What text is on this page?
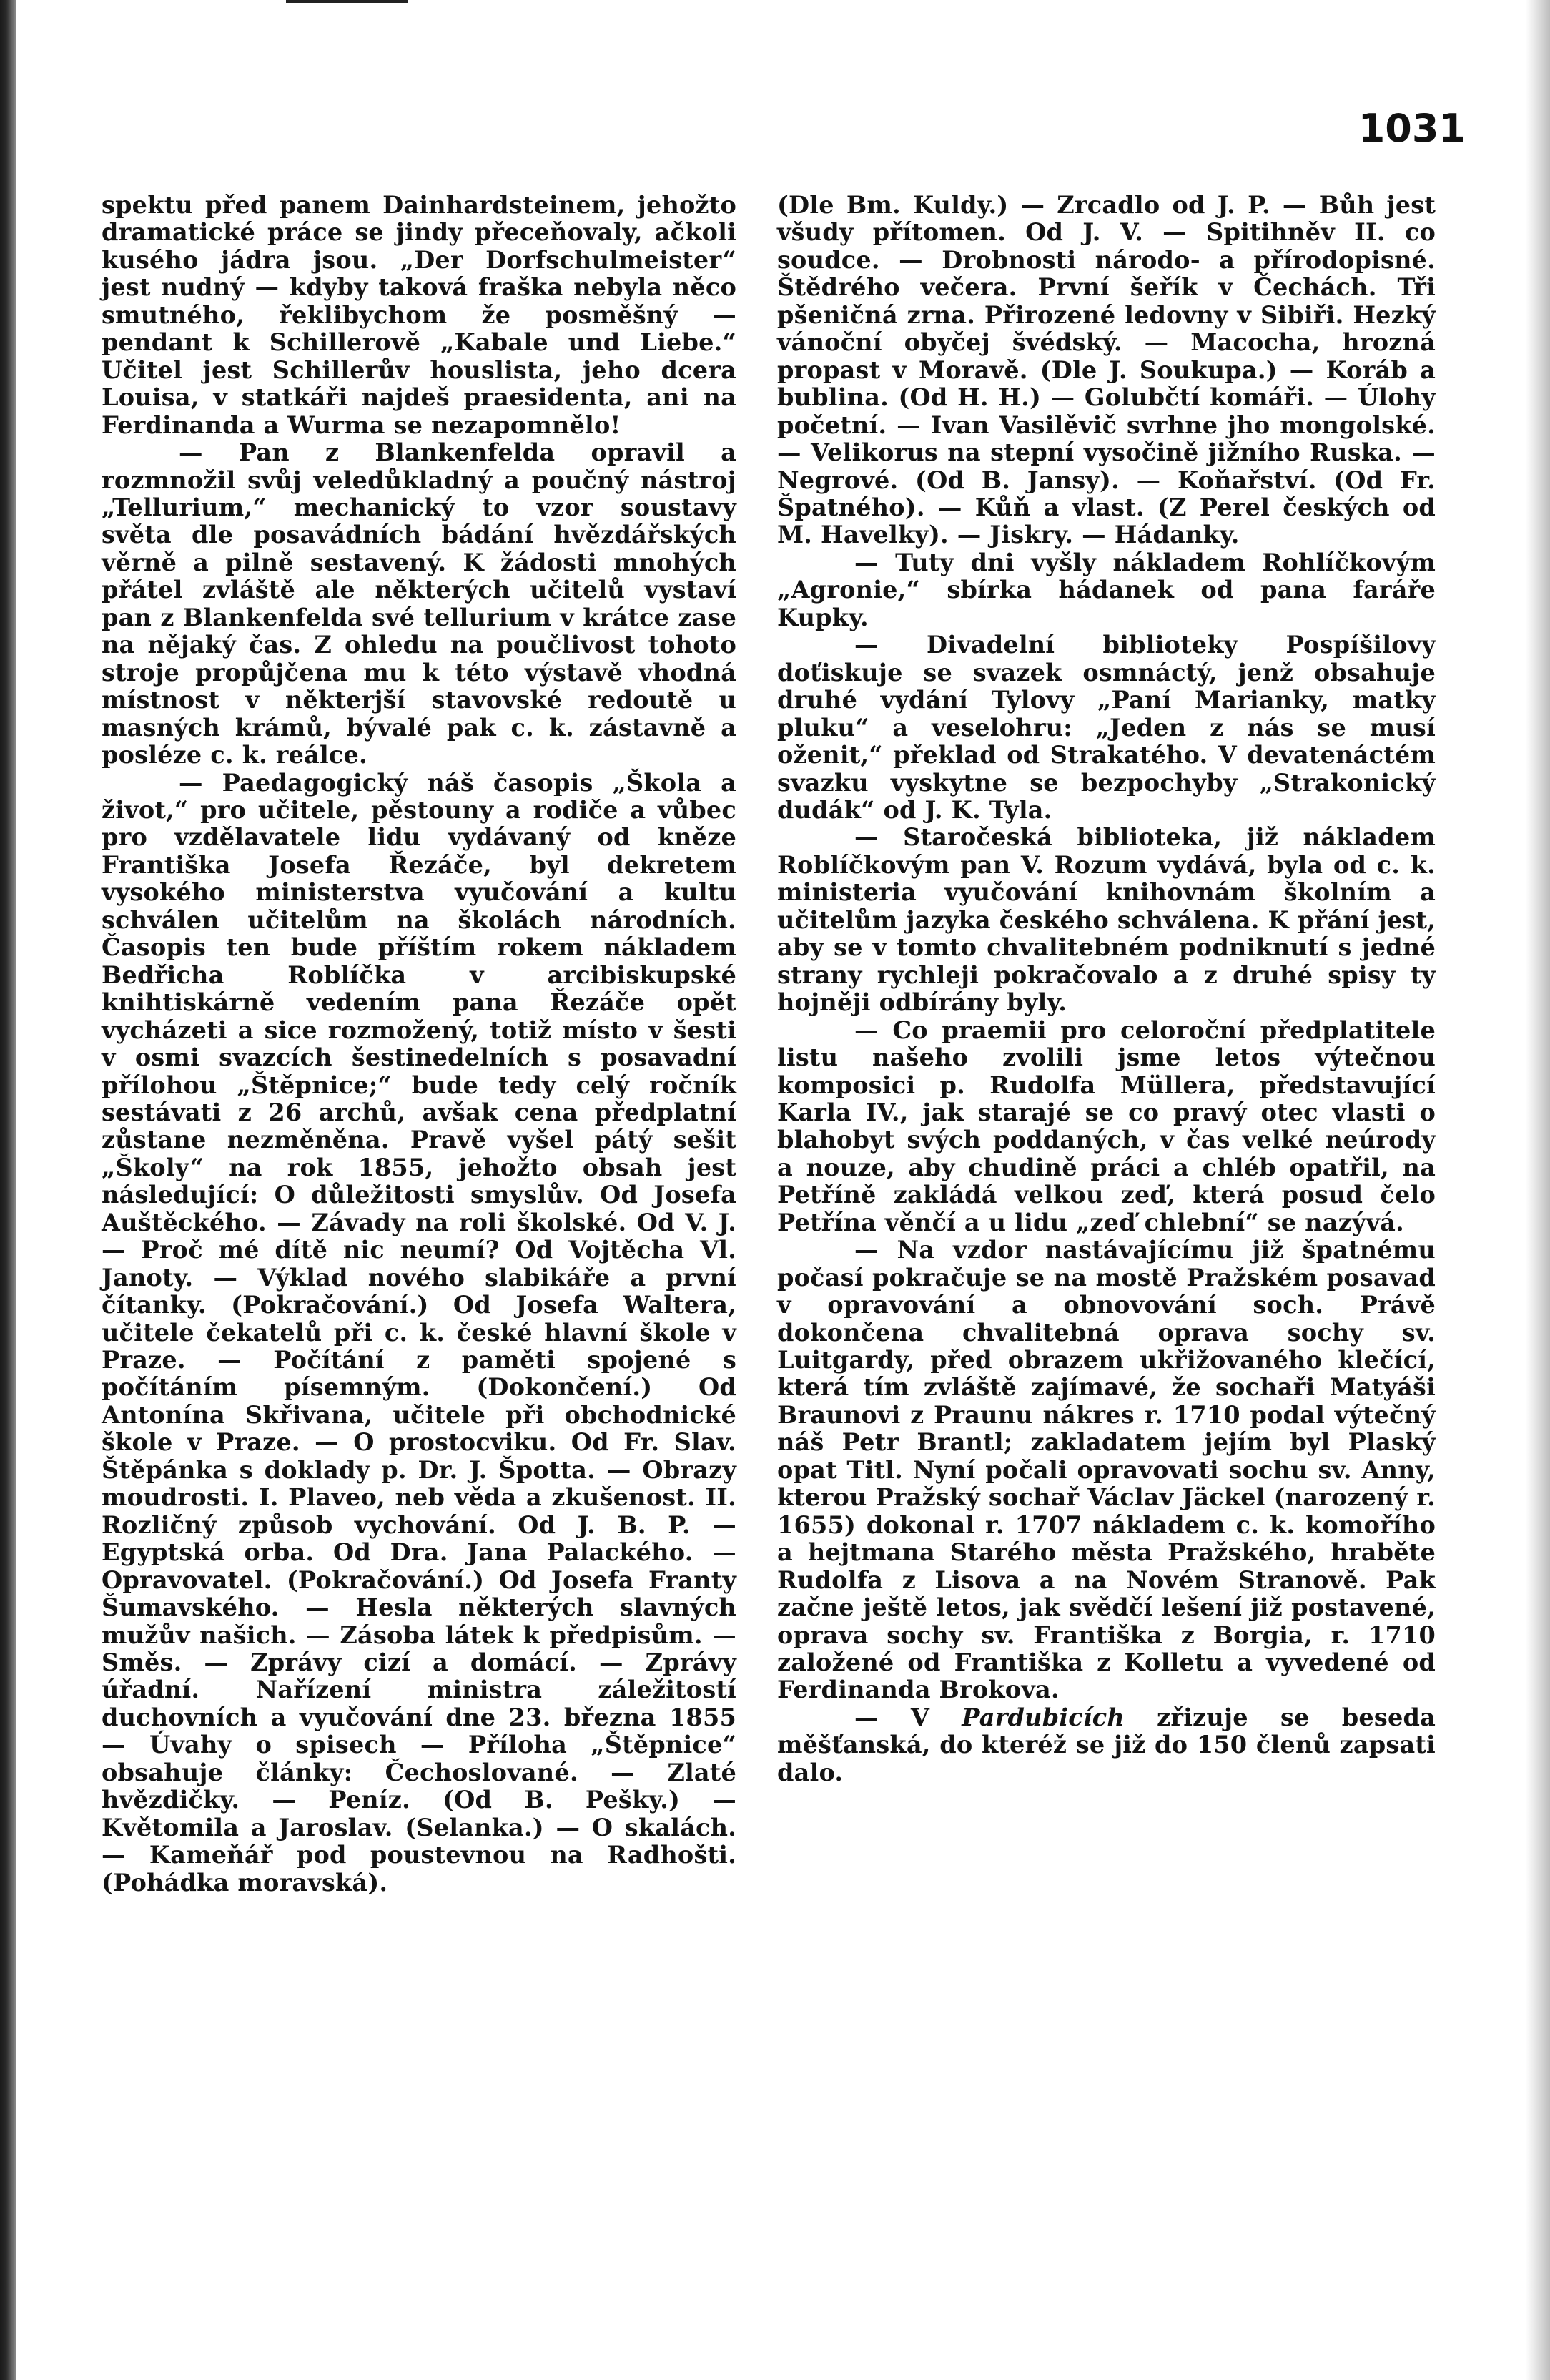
1031

spektu před panem Dainhardsteinem, jehožto dramatické práce se jindy přeceňovaly, ačkoli kusého jádra jsou. „Der Dorfschulmeister“ jest nudný — kdyby taková fraška nebyla něco smutného, řeklibychom že posměšný — pendant k Schillerově „Kabale und Liebe.“ Učitel jest Schillerův houslista, jeho dcera Louisa, v statkáři najdeš praesidenta, ani na Ferdinanda a Wurma se nezapomnělo!

— Pan z Blankenfelda opravil a rozmnožil svůj veledůkladný a poučný nástroj „Tellurium,“ mechanický to vzor soustavy světa dle posavádních bádání hvězdářských věrně a pilně sestavený. K žádosti mnohých přátel zvláště ale některých učitelů vystaví pan z Blankenfelda své tellurium v krátce zase na nějaký čas. Z ohledu na poučlivost tohoto stroje propůjčena mu k této výstavě vhodná místnost v některjší stavovské redoutě u masných krámů, bývalé pak c. k. zástavně a posléze c. k. reálce.

— Paedagogický náš časopis „Škola a život,“ pro učitele, pěstouny a rodiče a vůbec pro vzdělavatele lidu vydávaný od kněze Františka Josefa Řezáče, byl dekretem vysokého ministerstva vyučování a kultu schválen učitelům na školách národních. Časopis ten bude příštím rokem nákladem Bedřicha Roblíčka v arcibiskupské knihtiskárně vedením pana Řezáče opět vycházeti a sice rozmožený, totiž místo v šesti v osmi svazcích šestinedelních s posavadní přílohou „Štěpnice;“ bude tedy celý ročník sestávati z 26 archů, avšak cena předplatní zůstane nezměněna. Pravě vyšel pátý sešit „Školy“ na rok 1855, jehožto obsah jest následující: O důležitosti smyslův. Od Josefa Auštěckého. — Závady na roli školské. Od V. J. — Proč mé dítě nic neumí? Od Vojtěcha Vl. Janoty. — Výklad nového slabikáře a první čítanky. (Pokračování.) Od Josefa Waltera, učitele čekatelů při c. k. české hlavní škole v Praze. — Počítání z paměti spojené s počítáním písemným. (Dokončení.) Od Antonína Skřivana, učitele při obchodnické škole v Praze. — O prostocviku. Od Fr. Slav. Štěpánka s doklady p. Dr. J. Špotta. — Obrazy moudrosti. I. Plaveo, neb věda a zkušenost. II. Rozličný způsob vychování. Od J. B. P. — Egyptská orba. Od Dra. Jana Palackého. — Opravovatel. (Pokračování.) Od Josefa Franty Šumavského. — Hesla některých slavných mužův našich. — Zásoba látek k předpisům. — Směs. — Zprávy cizí a domácí. — Zprávy úřadní. Nařízení ministra záležitostí duchovních a vyučování dne 23. března 1855 — Úvahy o spisech — Příloha „Štěpnice“ obsahuje články: Čechoslované. — Zlaté hvězdičky. — Peníz. (Od B. Pešky.) — Květomila a Jaroslav. (Selanka.) — O skalách. — Kameňář pod poustevnou na Radhošti. (Pohádka moravská).

(Dle Bm. Kuldy.) — Zrcadlo od J. P. — Bůh jest všudy přítomen. Od J. V. — Spitihněv II. co soudce. — Drobnosti národo- a přírodopisné. Štědrého večera. První šeřík v Čechách. Tři pšeničná zrna. Přirozené ledovny v Sibiři. Hezký vánoční obyčej švédský. — Macocha, hrozná propast v Moravě. (Dle J. Soukupa.) — Koráb a bublina. (Od H. H.) — Golubčtí komáři. — Úlohy početní. — Ivan Vasilěvič svrhne jho mongolské. — Velikorus na stepní vysočině jižního Ruska. — Negrové. (Od B. Jansy). — Koňařství. (Od Fr. Špatného). — Kůň a vlast. (Z Perel českých od M. Havelky). — Jiskry. — Hádanky.

— Tuty dni vyšly nákladem Rohlíčkovým „Agronie,“ sbírka hádanek od pana faráře Kupky.

— Divadelní biblioteky Pospíšilovy doťiskuje se svazek osmnáctý, jenž obsahuje druhé vydání Tylovy „Paní Marianky, matky pluku“ a veselohru: „Jeden z nás se musí oženit,“ překlad od Strakatého. V devatenáctém svazku vyskytne se bezpochyby „Strakonický dudák“ od J. K. Tyla.

— Staročeská biblioteka, již nákladem Roblíčkovým pan V. Rozum vydává, byla od c. k. ministeria vyučování knihovnám školním a učitelům jazyka českého schválena. K přání jest, aby se v tomto chvalitebném podniknutí s jedné strany rychleji pokračovalo a z druhé spisy ty hojněji odbírány byly.

— Co praemii pro celoroční předplatitele listu našeho zvolili jsme letos výtečnou komposici p. Rudolfa Müllera, představující Karla IV., jak starajé se co pravý otec vlasti o blahobyt svých poddaných, v čas velké neúrody a nouze, aby chudině práci a chléb opatřil, na Petříně zakládá velkou zeď, která posud čelo Petřína věnčí a u lidu „zeď chlební“ se nazývá.

— Na vzdor nastávajícímu již špatnému počasí pokračuje se na mostě Pražském posavad v opravování a obnovování soch. Právě dokončena chvalitebná oprava sochy sv. Luitgardy, před obrazem ukřižovaného klečící, která tím zvláště zajímavé, že sochaři Matyáši Braunovi z Praunu nákres r. 1710 podal výtečný náš Petr Brantl; zakladatem jejím byl Plaský opat Titl. Nyní počali opravovati sochu sv. Anny, kterou Pražský sochař Václav Jäckel (narozený r. 1655) dokonal r. 1707 nákladem c. k. komořího a hejtmana Starého města Pražského, hraběte Rudolfa z Lisova a na Novém Stranově. Pak začne ještě letos, jak svědčí lešení již postavené, oprava sochy sv. Františka z Borgia, r. 1710 založené od Františka z Kolletu a vyvedené od Ferdinanda Brokova.

— V Pardubicích zřizuje se beseda měšťanská, do kteréž se již do 150 členů zapsati dalo.
